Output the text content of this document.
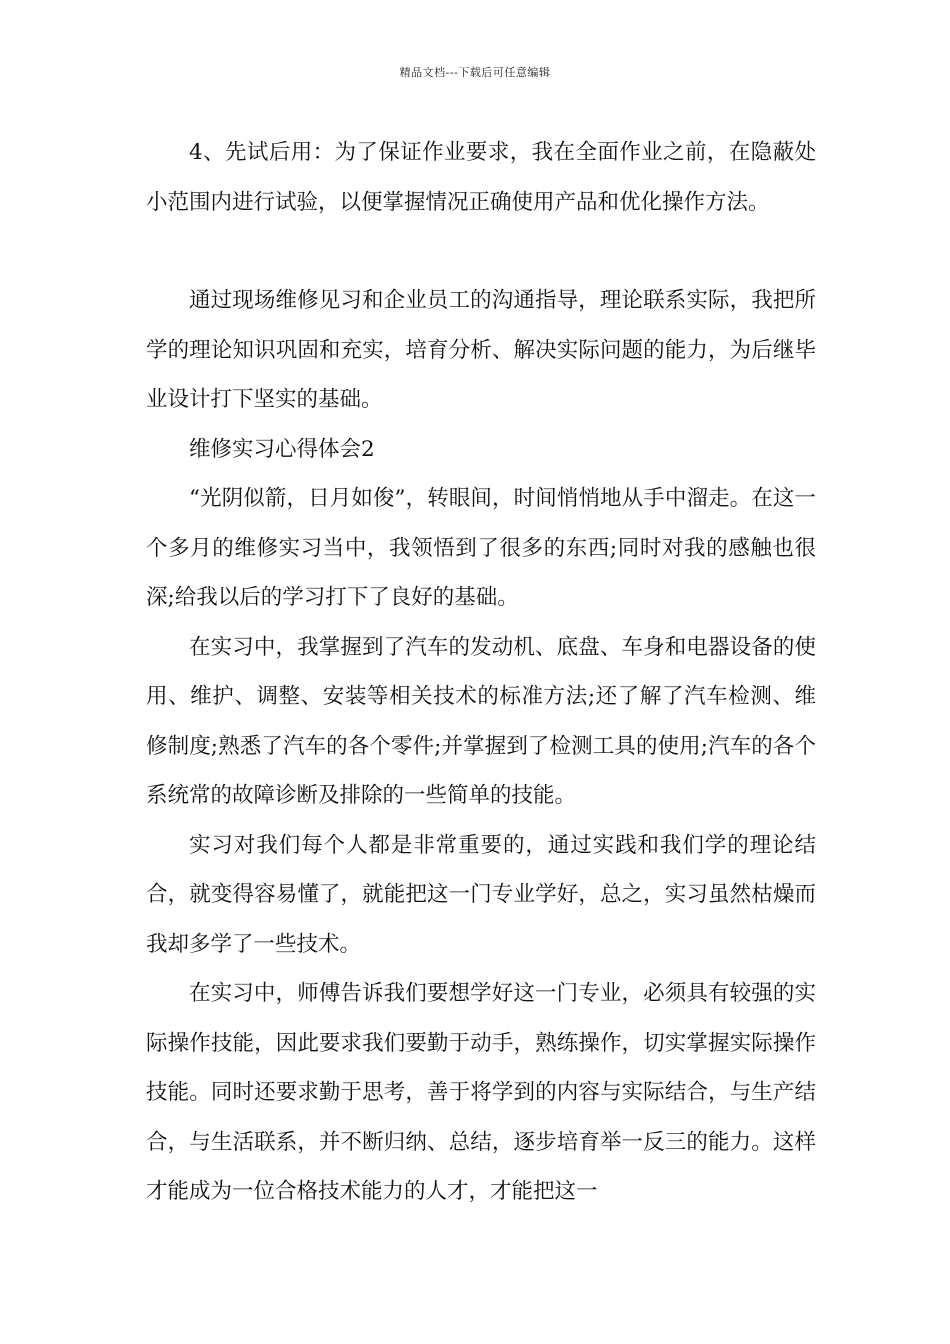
精品文档---下载后可任意编辑

4、先试后用：为了保证作业要求，我在全面作业之前，在隐蔽处小范围内进行试验，以便掌握情况正确使用产品和优化操作方法。

通过现场维修见习和企业员工的沟通指导，理论联系实际，我把所学的理论知识巩固和充实，培育分析、解决实际问题的能力，为后继毕业设计打下坚实的基础。

维修实习心得体会2

“光阴似箭，日月如俊”，转眼间，时间悄悄地从手中溜走。在这一个多月的维修实习当中，我领悟到了很多的东西;同时对我的感触也很深;给我以后的学习打下了良好的基础。

在实习中，我掌握到了汽车的发动机、底盘、车身和电器设备的使用、维护、调整、安装等相关技术的标准方法;还了解了汽车检测、维修制度;熟悉了汽车的各个零件;并掌握到了检测工具的使用;汽车的各个系统常的故障诊断及排除的一些简单的技能。

实习对我们每个人都是非常重要的，通过实践和我们学的理论结合，就变得容易懂了，就能把这一门专业学好，总之，实习虽然枯燥而我却多学了一些技术。

在实习中，师傅告诉我们要想学好这一门专业，必须具有较强的实际操作技能，因此要求我们要勤于动手，熟练操作，切实掌握实际操作技能。同时还要求勤于思考，善于将学到的内容与实际结合，与生产结合，与生活联系，并不断归纳、总结，逐步培育举一反三的能力。这样才能成为一位合格技术能力的人才，才能把这一
